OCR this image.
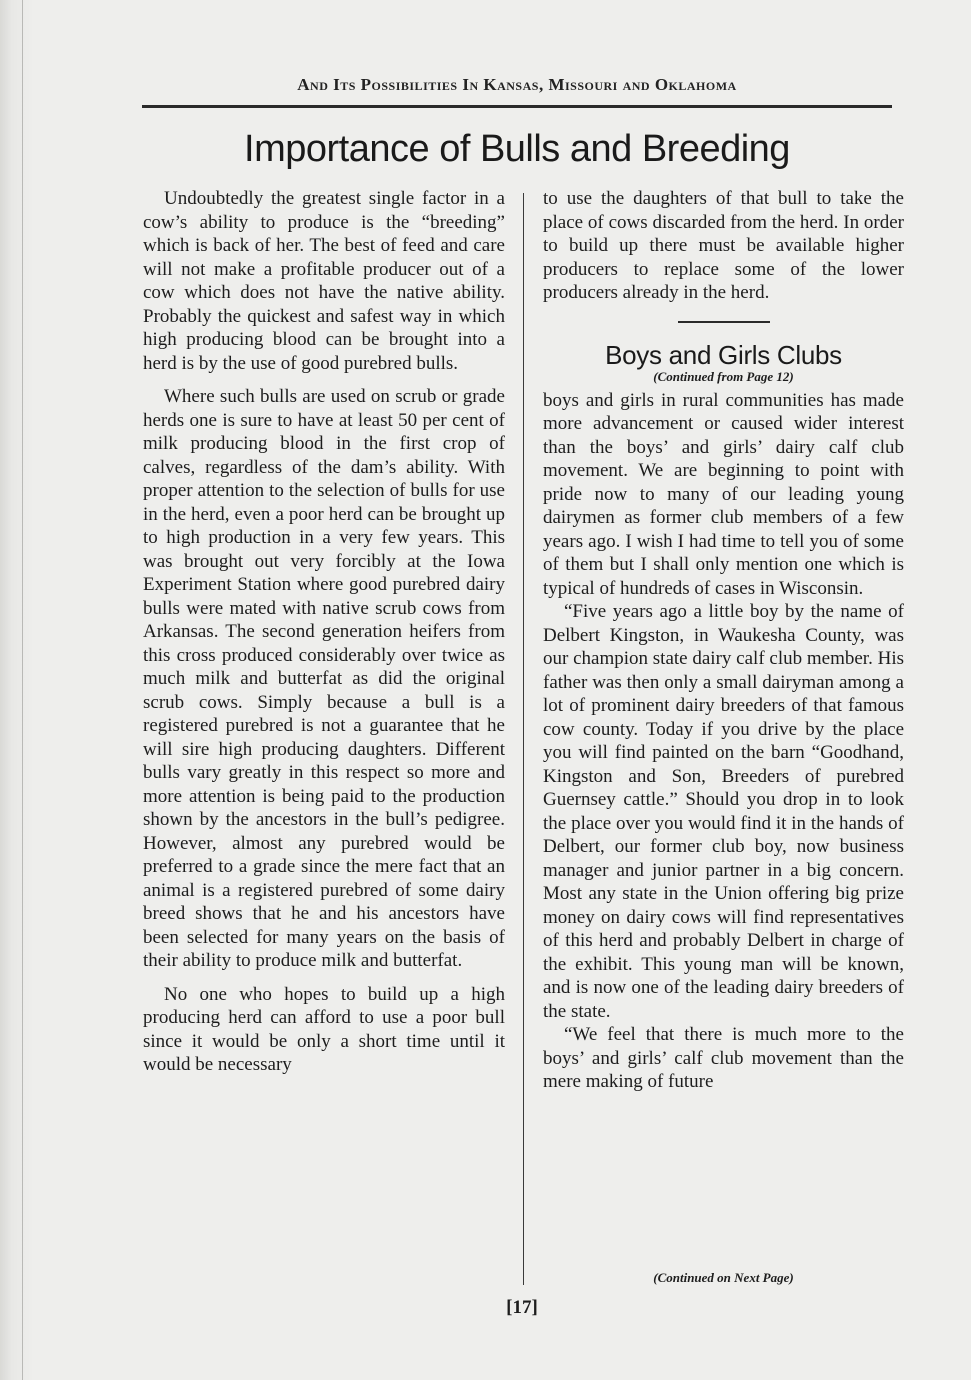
And Its Possibilities In Kansas, Missouri and Oklahoma
Importance of Bulls and Breeding

Undoubtedly the greatest single factor in a cow’s ability to produce is the “breeding” which is back of her. The best of feed and care will not make a profitable producer out of a cow which does not have the native ability. Probably the quickest and safest way in which high producing blood can be brought into a herd is by the use of good purebred bulls.

Where such bulls are used on scrub or grade herds one is sure to have at least 50 per cent of milk producing blood in the first crop of calves, regardless of the dam’s ability. With proper attention to the selection of bulls for use in the herd, even a poor herd can be brought up to high production in a very few years. This was brought out very forcibly at the Iowa Experiment Station where good purebred dairy bulls were mated with native scrub cows from Arkansas. The second generation heifers from this cross produced considerably over twice as much milk and butterfat as did the original scrub cows. Simply because a bull is a registered purebred is not a guarantee that he will sire high producing daughters. Different bulls vary greatly in this respect so more and more attention is being paid to the production shown by the ancestors in the bull’s pedigree. However, almost any purebred would be preferred to a grade since the mere fact that an animal is a registered purebred of some dairy breed shows that he and his ancestors have been selected for many years on the basis of their ability to produce milk and butterfat.

No one who hopes to build up a high producing herd can afford to use a poor bull since it would be only a short time until it would be necessary

to use the daughters of that bull to take the place of cows discarded from the herd. In order to build up there must be available higher producers to replace some of the lower producers already in the herd.

Boys and Girls Clubs
(Continued from Page 12)

boys and girls in rural communities has made more advancement or caused wider interest than the boys’ and girls’ dairy calf club movement. We are beginning to point with pride now to many of our leading young dairymen as former club members of a few years ago. I wish I had time to tell you of some of them but I shall only mention one which is typical of hundreds of cases in Wisconsin.

“Five years ago a little boy by the name of Delbert Kingston, in Waukesha County, was our champion state dairy calf club member. His father was then only a small dairyman among a lot of prominent dairy breeders of that famous cow county. Today if you drive by the place you will find painted on the barn “Goodhand, Kingston and Son, Breeders of purebred Guernsey cattle.” Should you drop in to look the place over you would find it in the hands of Delbert, our former club boy, now business manager and junior partner in a big concern. Most any state in the Union offering big prize money on dairy cows will find representatives of this herd and probably Delbert in charge of the exhibit. This young man will be known, and is now one of the leading dairy breeders of the state.

“We feel that there is much more to the boys’ and girls’ calf club movement than the mere making of future

(Continued on Next Page)
[17]
